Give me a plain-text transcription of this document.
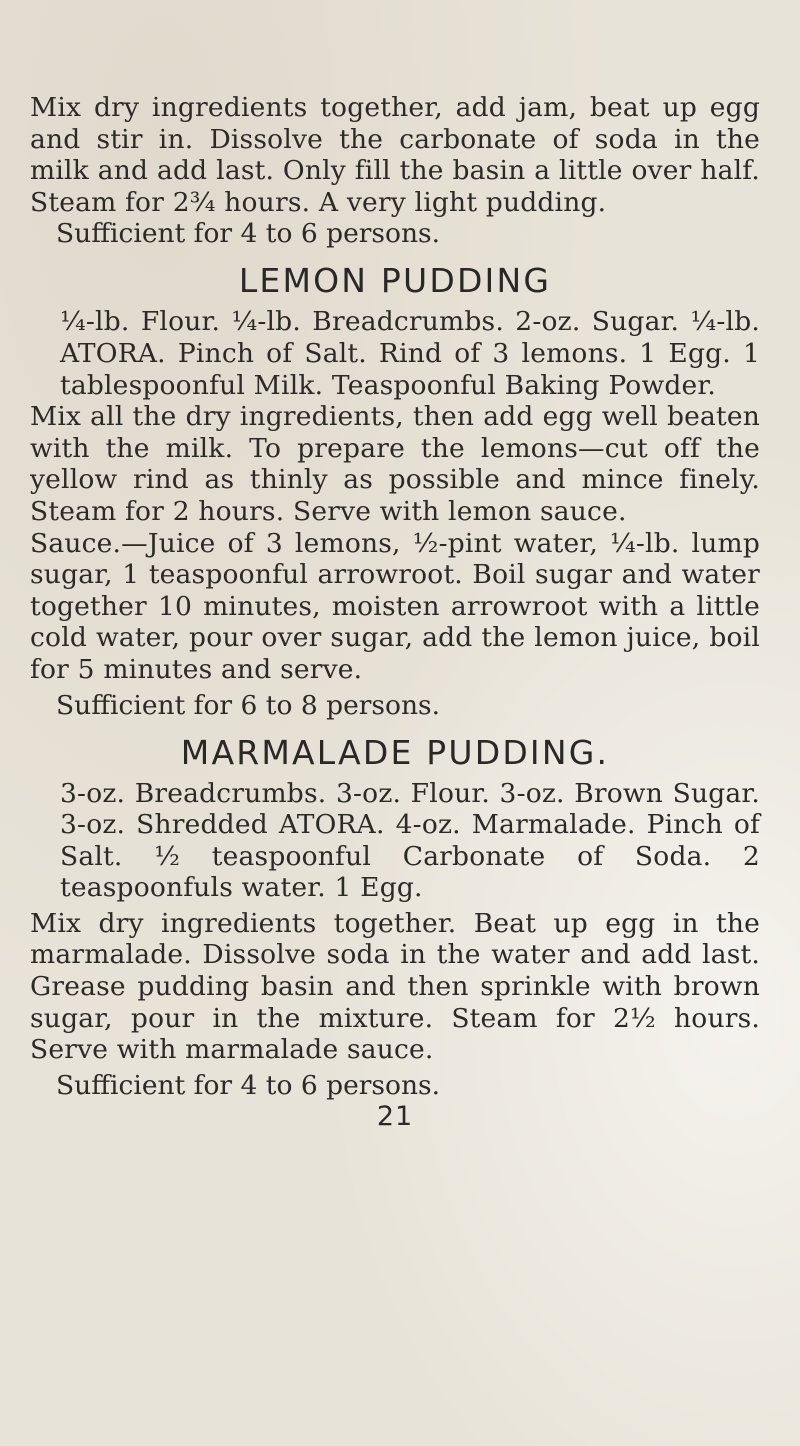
Mix dry ingredients together, add jam, beat up egg and stir in. Dissolve the carbonate of soda in the milk and add last. Only fill the basin a little over half. Steam for 2¾ hours. A very light pudding.

Sufficient for 4 to 6 persons.

LEMON PUDDING

¼-lb. Flour. ¼-lb. Breadcrumbs. 2-oz. Sugar. ¼-lb. ATORA. Pinch of Salt. Rind of 3 lemons. 1 Egg. 1 tablespoonful Milk. Teaspoonful Baking Powder.

Mix all the dry ingredients, then add egg well beaten with the milk. To prepare the lemons—cut off the yellow rind as thinly as possible and mince finely. Steam for 2 hours. Serve with lemon sauce.

Sauce.—Juice of 3 lemons, ½-pint water, ¼-lb. lump sugar, 1 teaspoonful arrowroot. Boil sugar and water together 10 minutes, moisten arrowroot with a little cold water, pour over sugar, add the lemon juice, boil for 5 minutes and serve.

Sufficient for 6 to 8 persons.

MARMALADE PUDDING.

3-oz. Breadcrumbs. 3-oz. Flour. 3-oz. Brown Sugar. 3-oz. Shredded ATORA. 4-oz. Marmalade. Pinch of Salt. ½ teaspoonful Carbonate of Soda. 2 teaspoonfuls water. 1 Egg.

Mix dry ingredients together. Beat up egg in the marmalade. Dissolve soda in the water and add last. Grease pudding basin and then sprinkle with brown sugar, pour in the mixture. Steam for 2½ hours. Serve with marmalade sauce.

Sufficient for 4 to 6 persons.

21
